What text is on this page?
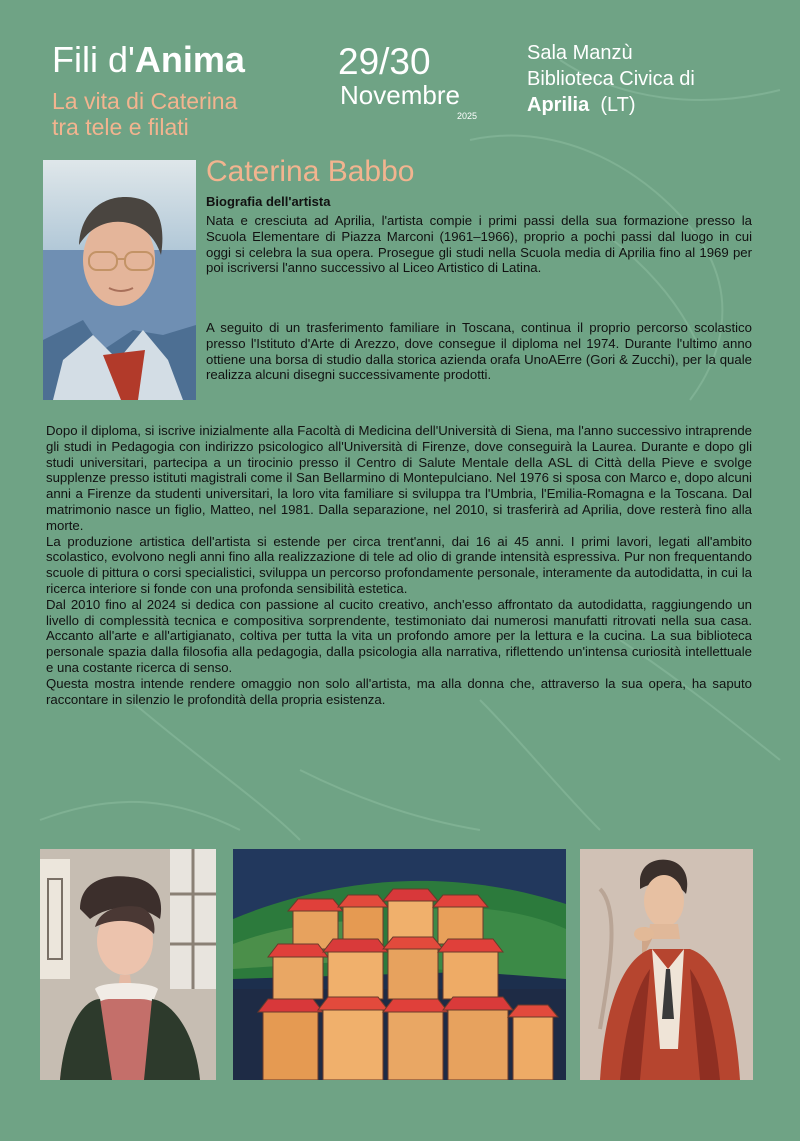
Fili d'Anima
La vita di Caterina
tra tele e filati
29/30
Novembre
2025
Sala Manzù
Biblioteca Civica di
Aprilia (LT)
Caterina Babbo
Biografia dell'artista
Nata e cresciuta ad Aprilia, l'artista compie i primi passi della sua formazione presso la Scuola Elementare di Piazza Marconi (1961–1966), proprio a pochi passi dal luogo in cui oggi si celebra la sua opera. Prosegue gli studi nella Scuola media di Aprilia fino al 1969 per poi iscriversi l'anno successivo al Liceo Artistico di Latina.
A seguito di un trasferimento familiare in Toscana, continua il proprio percorso scolastico presso l'Istituto d'Arte di Arezzo, dove consegue il diploma nel 1974. Durante l'ultimo anno ottiene una borsa di studio dalla storica azienda orafa UnoAErre (Gori & Zucchi), per la quale realizza alcuni disegni successivamente prodotti.
Dopo il diploma, si iscrive inizialmente alla Facoltà di Medicina dell'Università di Siena, ma l'anno successivo intraprende gli studi in Pedagogia con indirizzo psicologico all'Università di Firenze, dove conseguirà la Laurea. Durante e dopo gli studi universitari, partecipa a un tirocinio presso il Centro di Salute Mentale della ASL di Città della Pieve e svolge supplenze presso istituti magistrali come il San Bellarmino di Montepulciano. Nel 1976 si sposa con Marco e, dopo alcuni anni a Firenze da studenti universitari, la loro vita familiare si sviluppa tra l'Umbria, l'Emilia-Romagna e la Toscana. Dal matrimonio nasce un figlio, Matteo, nel 1981. Dalla separazione, nel 2010, si trasferirà ad Aprilia, dove resterà fino alla morte.
La produzione artistica dell'artista si estende per circa trent'anni, dai 16 ai 45 anni. I primi lavori, legati all'ambito scolastico, evolvono negli anni fino alla realizzazione di tele ad olio di grande intensità espressiva. Pur non frequentando scuole di pittura o corsi specialistici, sviluppa un percorso profondamente personale, interamente da autodidatta, in cui la ricerca interiore si fonde con una profonda sensibilità estetica.
Dal 2010 fino al 2024 si dedica con passione al cucito creativo, anch'esso affrontato da autodidatta, raggiungendo un livello di complessità tecnica e compositiva sorprendente, testimoniato dai numerosi manufatti ritrovati nella sua casa. Accanto all'arte e all'artigianato, coltiva per tutta la vita un profondo amore per la lettura e la cucina. La sua biblioteca personale spazia dalla filosofia alla pedagogia, dalla psicologia alla narrativa, riflettendo un'intensa curiosità intellettuale e una costante ricerca di senso.
Questa mostra intende rendere omaggio non solo all'artista, ma alla donna che, attraverso la sua opera, ha saputo raccontare in silenzio le profondità della propria esistenza.
